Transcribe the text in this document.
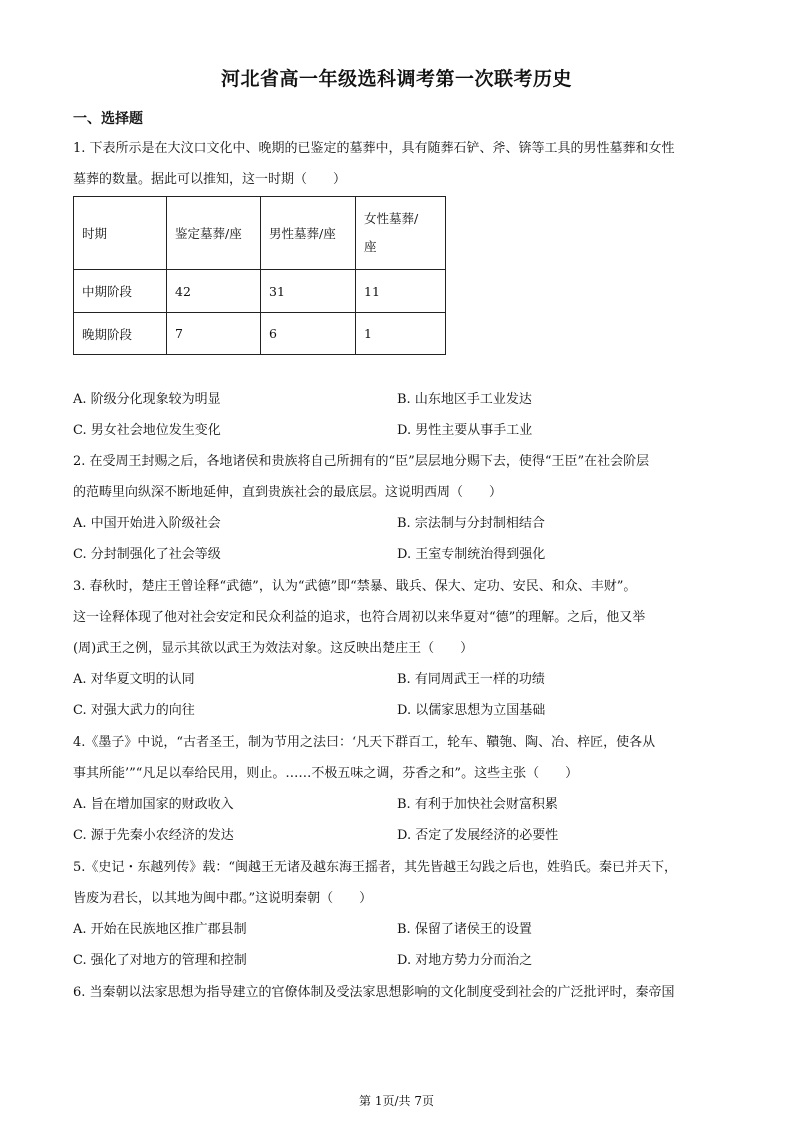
河北省高一年级选科调考第一次联考历史
一、选择题
1. 下表所示是在大汶口文化中、晚期的已鉴定的墓葬中，具有随葬石铲、斧、锛等工具的男性墓葬和女性
墓葬的数量。据此可以推知，这一时期（　　）
时期	鉴定墓葬/座	男性墓葬/座	女性墓葬/
座
中期阶段	42	31	11
晚期阶段	7	6	1
A. 阶级分化现象较为明显	B. 山东地区手工业发达
C. 男女社会地位发生变化	D. 男性主要从事手工业
2. 在受周王封赐之后，各地诸侯和贵族将自己所拥有的“臣”层层地分赐下去，使得“王臣”在社会阶层
的范畴里向纵深不断地延伸，直到贵族社会的最底层。这说明西周（　　）
A. 中国开始进入阶级社会	B. 宗法制与分封制相结合
C. 分封制强化了社会等级	D. 王室专制统治得到强化
3. 春秋时，楚庄王曾诠释“武德”，认为“武德”即“禁暴、戢兵、保大、定功、安民、和众、丰财”。
这一诠释体现了他对社会安定和民众利益的追求，也符合周初以来华夏对“德”的理解。之后，他又举
(周)武王之例，显示其欲以武王为效法对象。这反映出楚庄王（　　）
A. 对华夏文明的认同	B. 有同周武王一样的功绩
C. 对强大武力的向往	D. 以儒家思想为立国基础
4.《墨子》中说，“古者圣王，制为节用之法曰：‘凡天下群百工，轮车、鞼匏、陶、冶、梓匠，使各从
事其所能’”“凡足以奉给民用，则止。……不极五味之调，芬香之和”。这些主张（　　）
A. 旨在增加国家的财政收入	B. 有利于加快社会财富积累
C. 源于先秦小农经济的发达	D. 否定了发展经济的必要性
5.《史记・东越列传》载：“闽越王无诸及越东海王摇者，其先皆越王勾践之后也，姓驺氏。秦已并天下，
皆废为君长，以其地为闽中郡。”这说明秦朝（　　）
A. 开始在民族地区推广郡县制	B. 保留了诸侯王的设置
C. 强化了对地方的管理和控制	D. 对地方势力分而治之
6. 当秦朝以法家思想为指导建立的官僚体制及受法家思想影响的文化制度受到社会的广泛批评时，秦帝国
第 1页/共 7页
